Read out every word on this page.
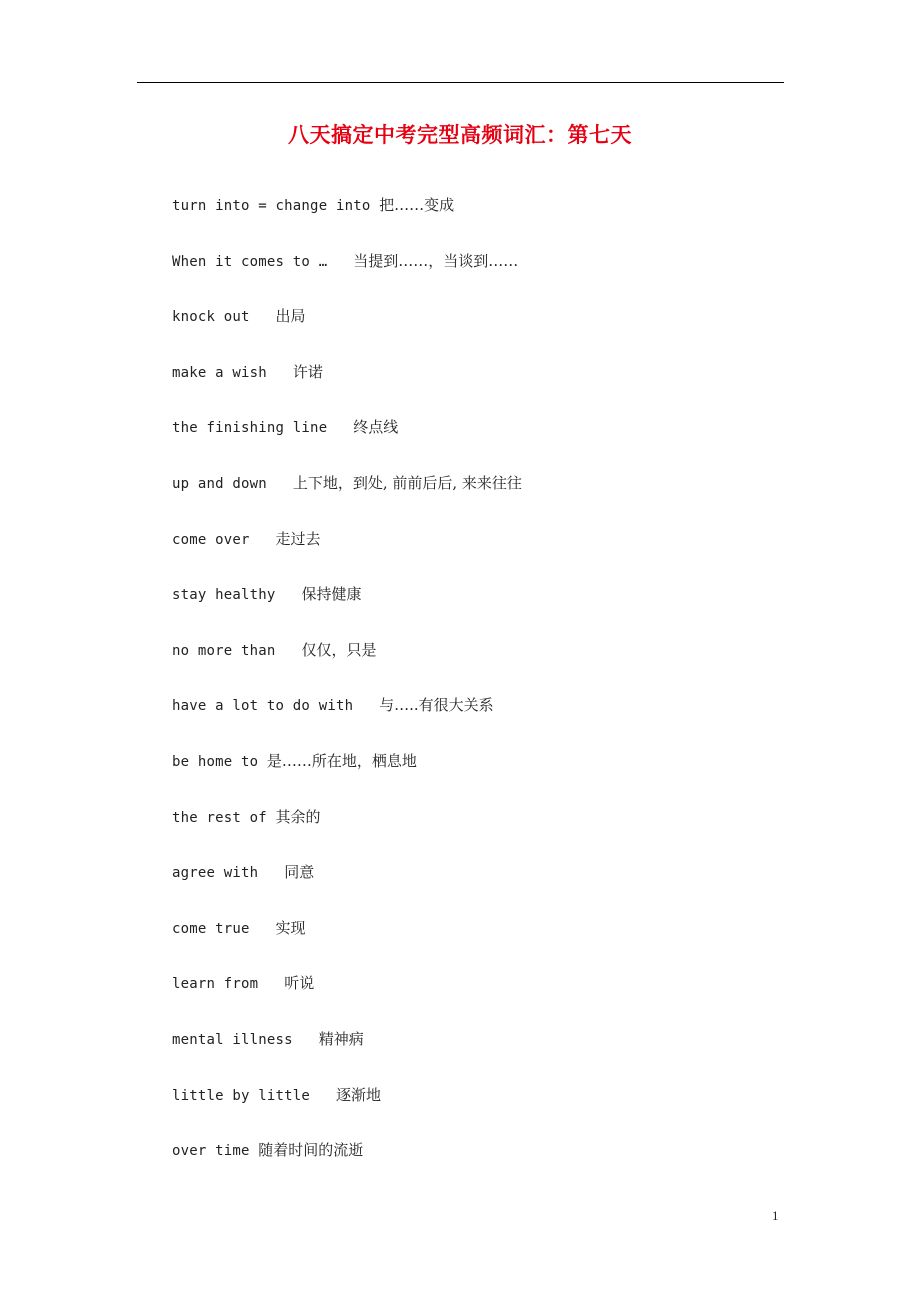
八天搞定中考完型高频词汇：第七天
turn into = change into 把……变成
When it comes to …   当提到……，当谈到……
knock out   出局
make a wish   许诺
the finishing line   终点线
up and down   上下地，到处, 前前后后, 来来往往
come over   走过去
stay healthy   保持健康
no more than   仅仅，只是
have a lot to do with   与…..有很大关系
be home to 是……所在地，栖息地
the rest of 其余的
agree with   同意
come true   实现
learn from   听说
mental illness   精神病
little by little   逐渐地
over time 随着时间的流逝
1
